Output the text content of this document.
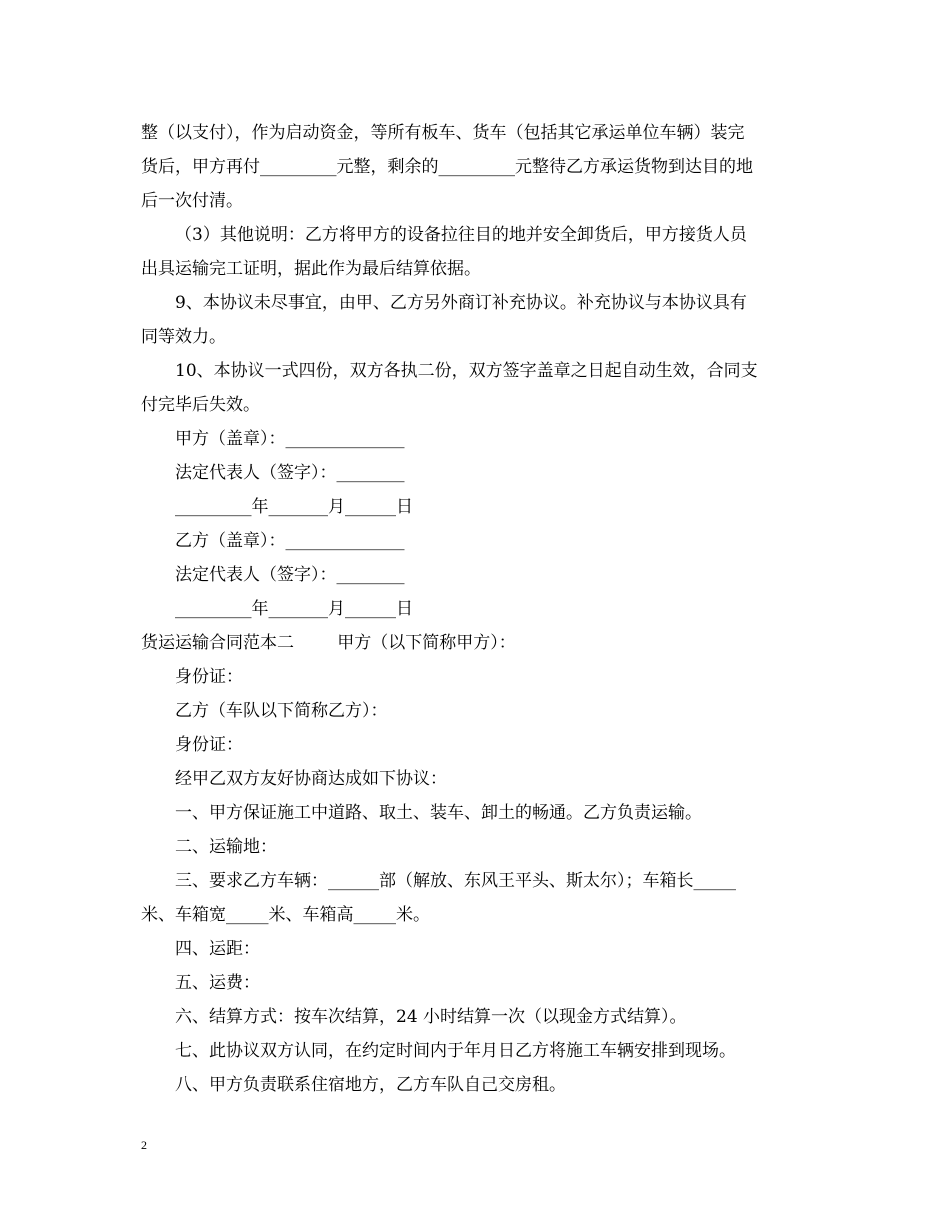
整（以支付），作为启动资金，等所有板车、货车（包括其它承运单位车辆）装完
货后，甲方再付_________元整，剩余的_________元整待乙方承运货物到达目的地
后一次付清。
（3）其他说明：乙方将甲方的设备拉往目的地并安全卸货后，甲方接货人员
出具运输完工证明，据此作为最后结算依据。
9、本协议未尽事宜，由甲、乙方另外商订补充协议。补充协议与本协议具有
同等效力。
10、本协议一式四份，双方各执二份，双方签字盖章之日起自动生效，合同支
付完毕后失效。
甲方（盖章）：______________
法定代表人（签字）：________
_________年_______月______日
乙方（盖章）：______________
法定代表人（签字）：________
_________年_______月______日
货运运输合同范本二        甲方（以下简称甲方）：
身份证：
乙方（车队以下简称乙方）：
身份证：
经甲乙双方友好协商达成如下协议：
一、甲方保证施工中道路、取土、装车、卸土的畅通。乙方负责运输。
二、运输地：
三、要求乙方车辆：______部（解放、东风王平头、斯太尔）；车箱长_____
米、车箱宽_____米、车箱高_____米。
四、运距：
五、运费：
六、结算方式：按车次结算，24 小时结算一次（以现金方式结算）。
七、此协议双方认同，在约定时间内于年月日乙方将施工车辆安排到现场。
八、甲方负责联系住宿地方，乙方车队自己交房租。
2
